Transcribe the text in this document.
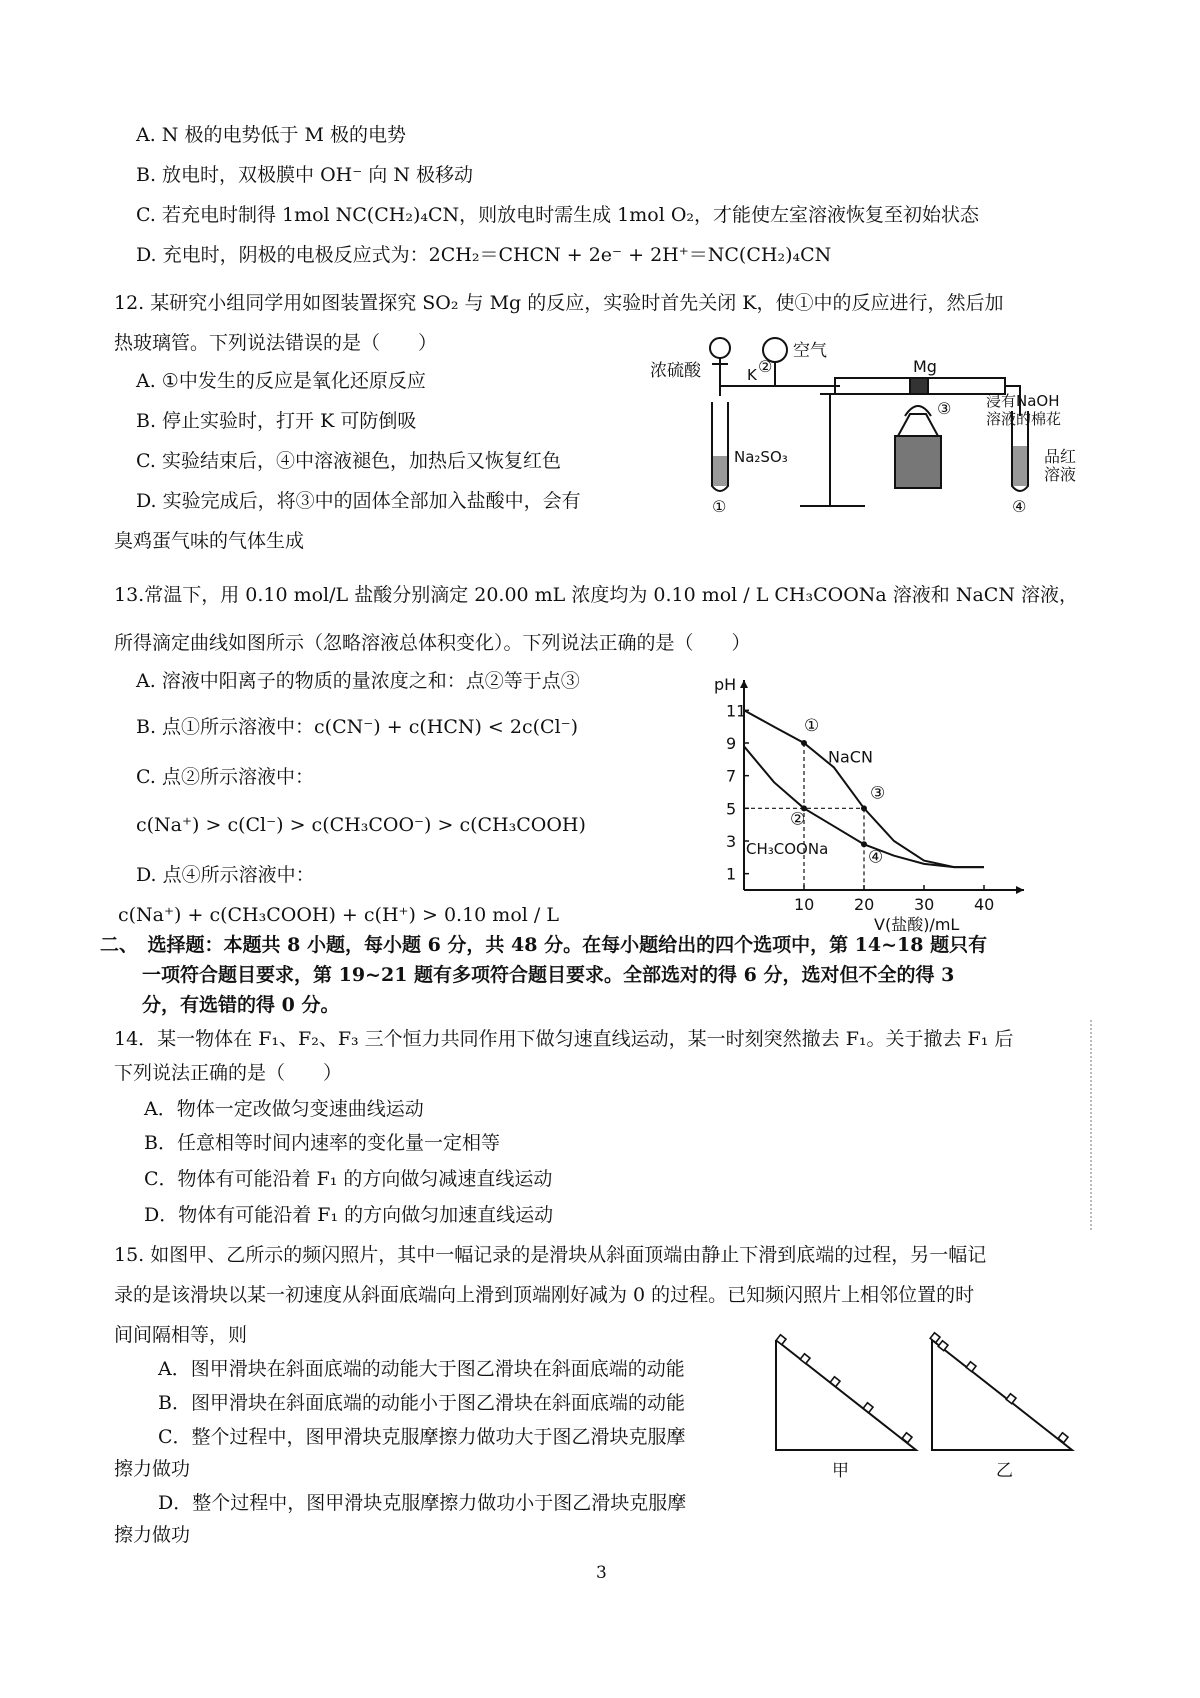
A. N 极的电势低于 M 极的电势
B. 放电时，双极膜中 OH⁻ 向 N 极移动
C. 若充电时制得 1mol NC(CH₂)₄CN，则放电时需生成 1mol O₂，才能使左室溶液恢复至初始状态
D. 充电时，阴极的电极反应式为：2CH₂＝CHCN + 2e⁻ + 2H⁺＝NC(CH₂)₄CN
12. 某研究小组同学用如图装置探究 SO₂ 与 Mg 的反应，实验时首先关闭 K，使①中的反应进行，然后加
热玻璃管。下列说法错误的是（　　）
A. ①中发生的反应是氧化还原反应
B. 停止实验时，打开 K 可防倒吸
C. 实验结束后，④中溶液褪色，加热后又恢复红色
D. 实验完成后，将③中的固体全部加入盐酸中，会有
臭鸡蛋气味的气体生成
浓硫酸	②
空气
K	Mg
③ 浸有NaOH
溶液的棉花
Na₂SO₃
①
品红
溶液
④
13.常温下，用 0.10 mol/L 盐酸分别滴定 20.00 mL 浓度均为 0.10 mol / L CH₃COONa 溶液和 NaCN 溶液，
所得滴定曲线如图所示（忽略溶液总体积变化）。下列说法正确的是（　　）
A. 溶液中阳离子的物质的量浓度之和：点②等于点③
B. 点①所示溶液中：c(CN⁻) + c(HCN) < 2c(Cl⁻)
C. 点②所示溶液中：
c(Na⁺) > c(Cl⁻) > c(CH₃COO⁻) > c(CH₃COOH)
D. 点④所示溶液中：
c(Na⁺) + c(CH₃COOH) + c(H⁺) > 0.10 mol / L
pH
1
3
5
7
9
11
10 20 30 40
V(盐酸)/mL
NaCN
CH₃COONa
①
②
③
④
二、　选择题：本题共 8 小题，每小题 6 分，共 48 分。在每小题给出的四个选项中，第 14~18 题只有
一项符合题目要求，第 19~21 题有多项符合题目要求。全部选对的得 6 分，选对但不全的得 3
分，有选错的得 0 分。
14．某一物体在 F₁、F₂、F₃ 三个恒力共同作用下做匀速直线运动，某一时刻突然撤去 F₁。关于撤去 F₁ 后
下列说法正确的是（　　）
A．物体一定改做匀变速曲线运动
B．任意相等时间内速率的变化量一定相等
C．物体有可能沿着 F₁ 的方向做匀减速直线运动
D．物体有可能沿着 F₁ 的方向做匀加速直线运动
15. 如图甲、乙所示的频闪照片，其中一幅记录的是滑块从斜面顶端由静止下滑到底端的过程，另一幅记
录的是该滑块以某一初速度从斜面底端向上滑到顶端刚好减为 0 的过程。已知频闪照片上相邻位置的时
间间隔相等，则
A．图甲滑块在斜面底端的动能大于图乙滑块在斜面底端的动能
B．图甲滑块在斜面底端的动能小于图乙滑块在斜面底端的动能
C．整个过程中，图甲滑块克服摩擦力做功大于图乙滑块克服摩
擦力做功
D．整个过程中，图甲滑块克服摩擦力做功小于图乙滑块克服摩
擦力做功
甲	乙
3
